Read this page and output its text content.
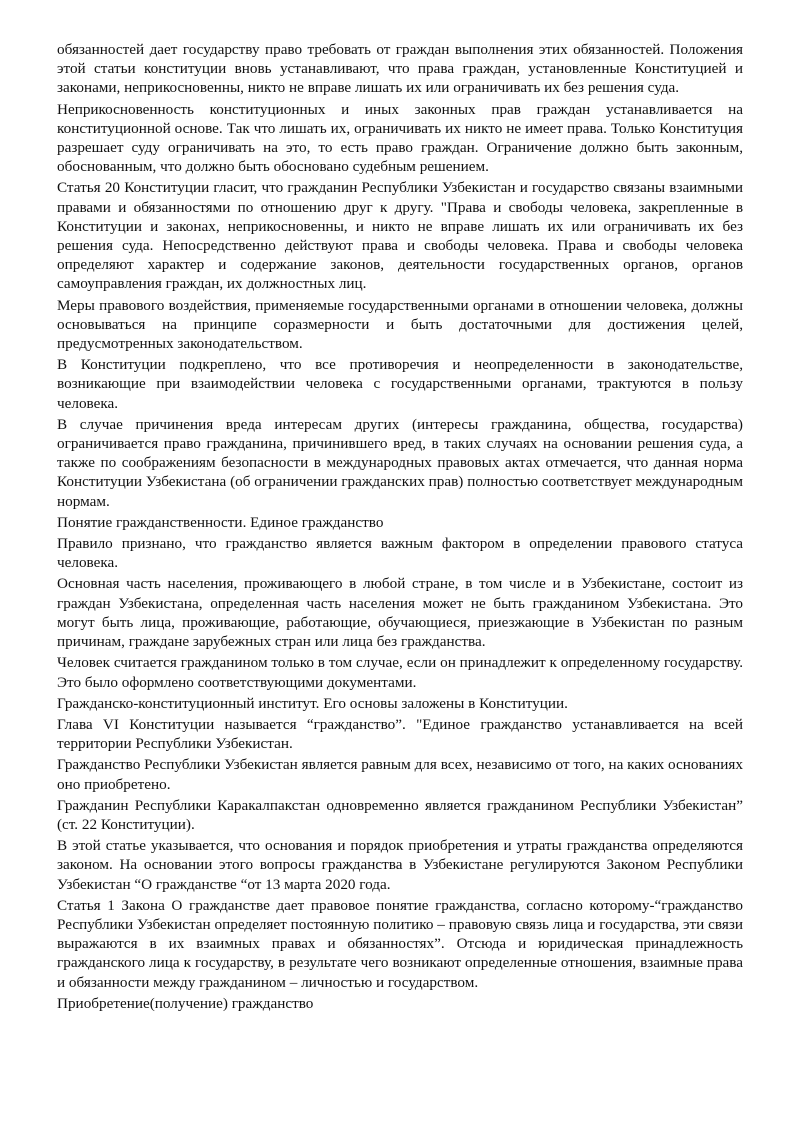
обязанностей дает государству право требовать от граждан выполнения этих обязанностей. Положения этой статьи конституции вновь устанавливают, что права граждан, установленные Конституцией и законами, неприкосновенны, никто не вправе лишать их или ограничивать их без решения суда.

Неприкосновенность конституционных и иных законных прав граждан устанавливается на конституционной основе. Так что лишать их, ограничивать их никто не имеет права. Только Конституция разрешает суду ограничивать на это, то есть право граждан. Ограничение должно быть законным, обоснованным, что должно быть обосновано судебным решением.

Статья 20 Конституции гласит, что гражданин Республики Узбекистан и государство связаны взаимными правами и обязанностями по отношению друг к другу. "Права и свободы человека, закрепленные в Конституции и законах, неприкосновенны, и никто не вправе лишать их или ограничивать их без решения суда. Непосредственно действуют права и свободы человека. Права и свободы человека определяют характер и содержание законов, деятельности государственных органов, органов самоуправления граждан, их должностных лиц.

Меры правового воздействия, применяемые государственными органами в отношении человека, должны основываться на принципе соразмерности и быть достаточными для достижения целей, предусмотренных законодательством.

В Конституции подкреплено, что все противоречия и неопределенности в законодательстве, возникающие при взаимодействии человека с государственными органами, трактуются в пользу человека.

В случае причинения вреда интересам других (интересы гражданина, общества, государства) ограничивается право гражданина, причинившего вред, в таких случаях на основании решения суда, а также по соображениям безопасности в международных правовых актах отмечается, что данная норма Конституции Узбекистана (об ограничении гражданских прав) полностью соответствует международным нормам.

Понятие гражданственности. Единое гражданство

Правило признано, что гражданство является важным фактором в определении правового статуса человека.

Основная часть населения, проживающего в любой стране, в том числе и в Узбекистане, состоит из граждан Узбекистана, определенная часть населения может не быть гражданином Узбекистана. Это могут быть лица, проживающие, работающие, обучающиеся, приезжающие в Узбекистан по разным причинам, граждане зарубежных стран или лица без гражданства.

Человек считается гражданином только в том случае, если он принадлежит к определенному государству. Это было оформлено соответствующими документами.

Гражданско-конституционный институт. Его основы заложены в Конституции.

Глава VI Конституции называется “гражданство”. "Единое гражданство устанавливается на всей территории Республики Узбекистан.

Гражданство Республики Узбекистан является равным для всех, независимо от того, на каких основаниях оно приобретено.

Гражданин Республики Каракалпакстан одновременно является гражданином Республики Узбекистан” (ст. 22 Конституции).

В этой статье указывается, что основания и порядок приобретения и утраты гражданства определяются законом. На основании этого вопросы гражданства в Узбекистане регулируются Законом Республики Узбекистан “О гражданстве “от 13 марта 2020 года.

Статья 1 Закона О гражданстве дает правовое понятие гражданства, согласно которому-“гражданство Республики Узбекистан определяет постоянную политико – правовую связь лица и государства, эти связи выражаются в их взаимных правах и обязанностях”. Отсюда и юридическая принадлежность гражданского лица к государству, в результате чего возникают определенные отношения, взаимные права и обязанности между гражданином – личностью и государством.

Приобретение(получение) гражданство
